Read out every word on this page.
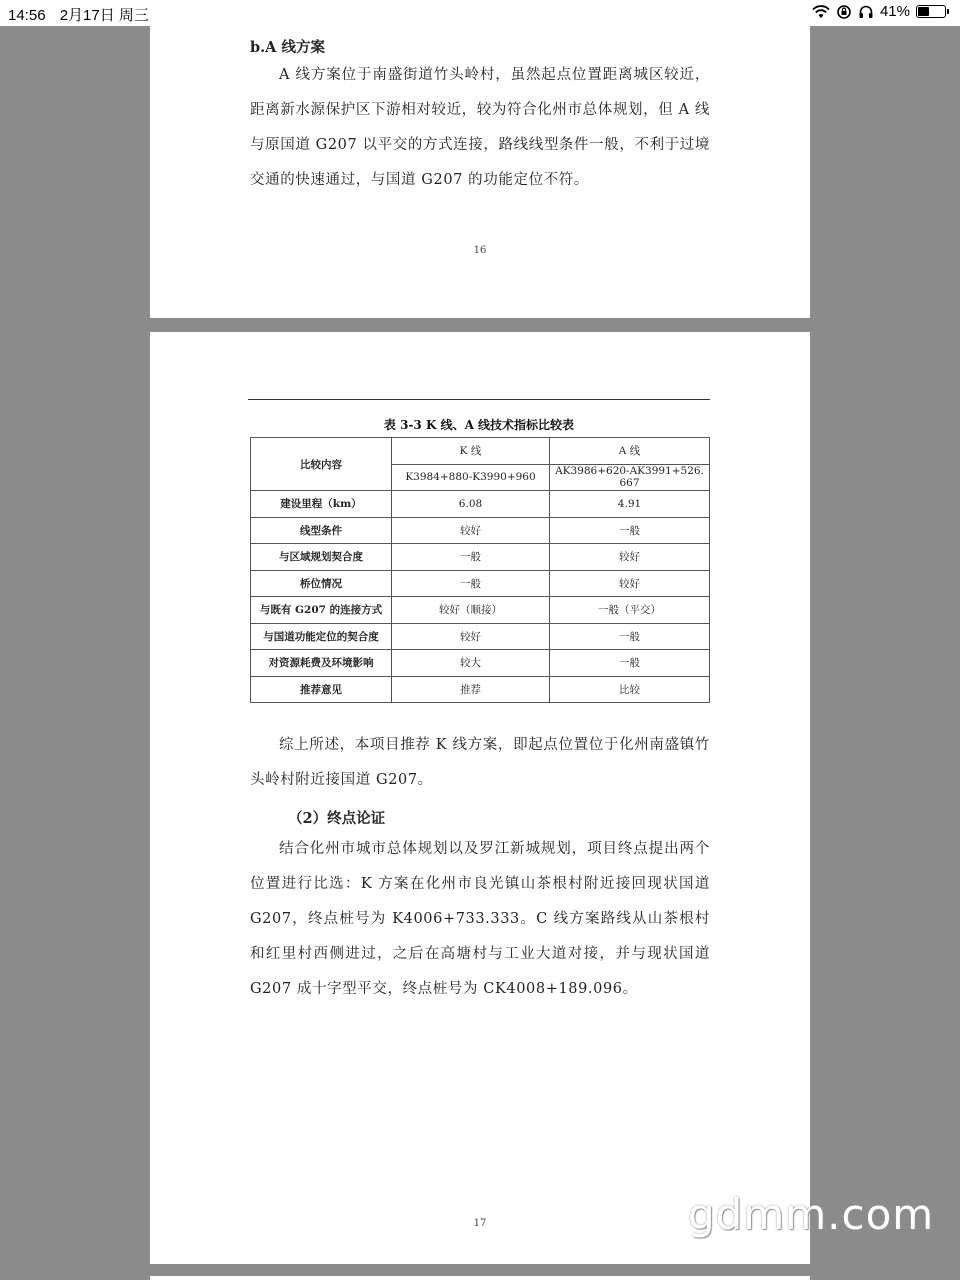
14:56 2月17日 周三	41%
b.A 线方案
A 线方案位于南盛街道竹头岭村，虽然起点位置距离城区较近，距离新水源保护区下游相对较近，较为符合化州市总体规划，但 A 线与原国道 G207 以平交的方式连接，路线线型条件一般，不利于过境交通的快速通过，与国道 G207 的功能定位不符。
16
表 3-3 K 线、A 线技术指标比较表
比较内容	K 线	A 线
	K3984+880-K3990+960	AK3986+620-AK3991+526. 667
建设里程（km）	6.08	4.91
线型条件	较好	一般
与区域规划契合度	一般	较好
桥位情况	一般	较好
与既有 G207 的连接方式	较好（顺接）	一般（平交）
与国道功能定位的契合度	较好	一般
对资源耗费及环境影响	较大	一般
推荐意见	推荐	比较
综上所述，本项目推荐 K 线方案，即起点位置位于化州南盛镇竹头岭村附近接国道 G207。
（2）终点论证
结合化州市城市总体规划以及罗江新城规划，项目终点提出两个位置进行比选：K 方案在化州市良光镇山茶根村附近接回现状国道 G207，终点桩号为 K4006+733.333。C 线方案路线从山茶根村和红里村西侧进过，之后在高塘村与工业大道对接，并与现状国道 G207 成十字型平交，终点桩号为 CK4008+189.096。
17	gdmm.com
